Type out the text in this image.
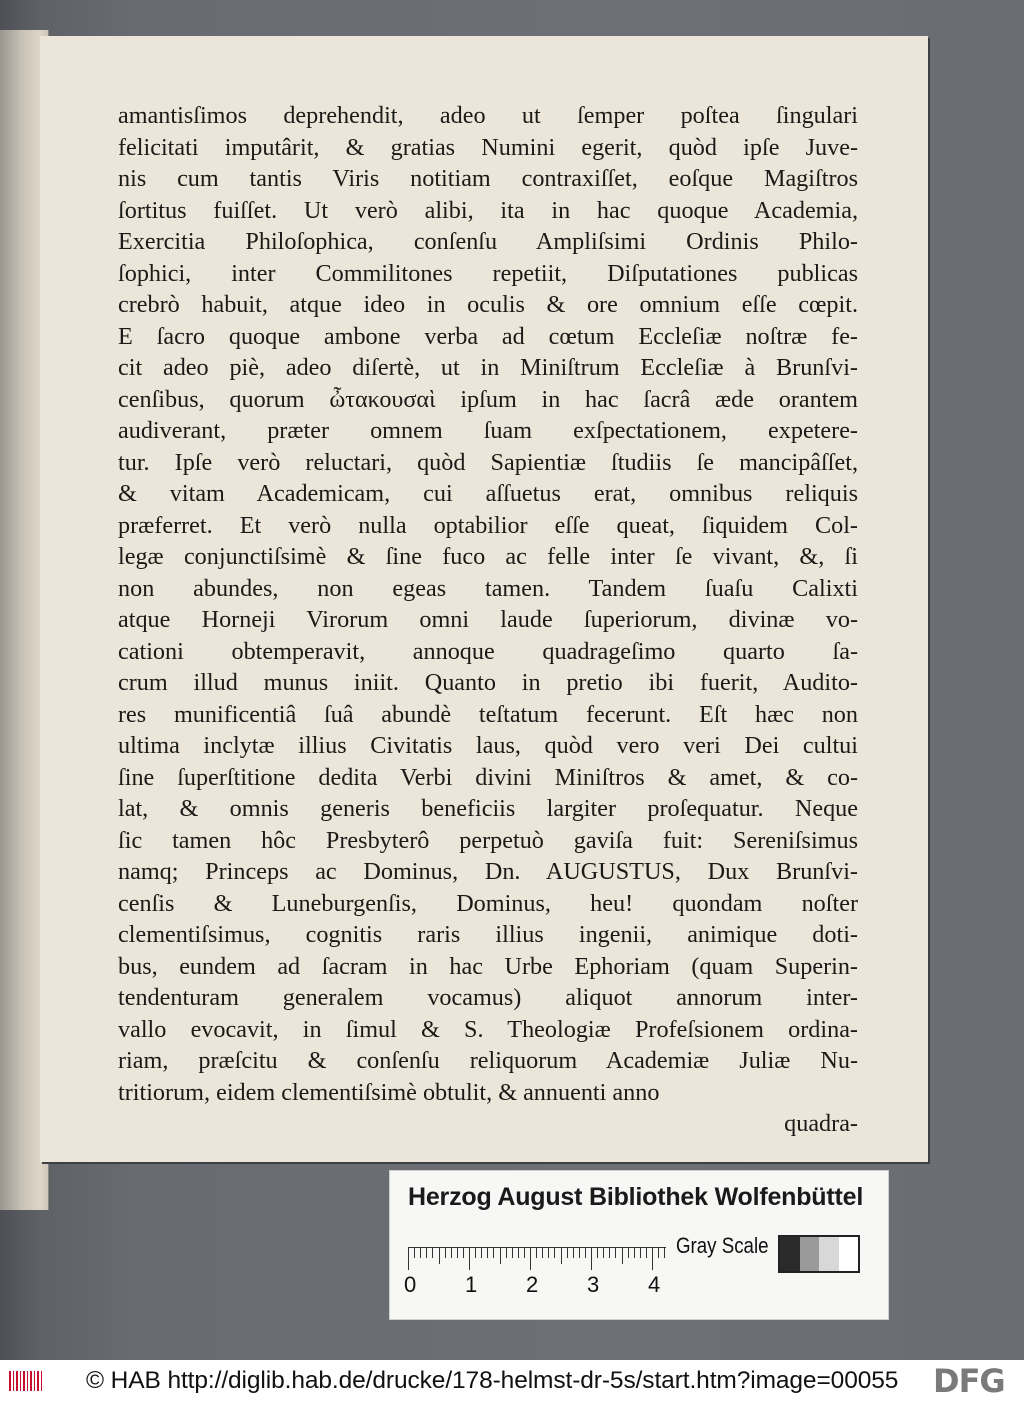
amantisſimos deprehendit, adeo ut ſemper poſtea ſingulari
felicitati imputârit, & gratias Numini egerit, quòd ipſe Juve-
nis cum tantis Viris notitiam contraxiſſet, eoſque Magiſtros
ſortitus fuiſſet. Ut verò alibi, ita in hac quoque Academia,
Exercitia Philoſophica, conſenſu Ampliſsimi Ordinis Philo-
ſophici, inter Commilitones repetiit, Diſputationes publicas
crebrò habuit, atque ideo in oculis & ore omnium eſſe cœpit.
E ſacro quoque ambone verba ad cœtum Eccleſiæ noſtræ fe-
cit adeo piè, adeo diſertè, ut in Miniſtrum Eccleſiæ à Brunſvi-
cenſibus, quorum ὦτακουσαὶ ipſum in hac ſacrâ æde orantem
audiverant, præter omnem ſuam exſpectationem, expetere-
tur. Ipſe verò reluctari, quòd Sapientiæ ſtudiis ſe mancipâſſet,
& vitam Academicam, cui aſſuetus erat, omnibus reliquis
præferret. Et verò nulla optabilior eſſe queat, ſiquidem Col-
legæ conjunctiſsimè & ſine fuco ac felle inter ſe vivant, &, ſi
non abundes, non egeas tamen. Tandem ſuaſu Calixti
atque Horneji Virorum omni laude ſuperiorum, divinæ vo-
cationi obtemperavit, annoque quadrageſimo quarto ſa-
crum illud munus iniit. Quanto in pretio ibi fuerit, Audito-
res munificentiâ ſuâ abundè teſtatum fecerunt. Eſt hæc non
ultima inclytæ illius Civitatis laus, quòd vero veri Dei cultui
ſine ſuperſtitione dedita Verbi divini Miniſtros & amet, & co-
lat, & omnis generis beneficiis largiter proſequatur. Neque
ſic tamen hôc Presbyterô perpetuò gaviſa fuit: Sereniſsimus
namq; Princeps ac Dominus, Dn. AUGUSTUS, Dux Brunſvi-
cenſis & Luneburgenſis, Dominus, heu! quondam noſter
clementiſsimus, cognitis raris illius ingenii, animique doti-
bus, eundem ad ſacram in hac Urbe Ephoriam (quam Superin-
tendenturam generalem vocamus) aliquot annorum inter-
vallo evocavit, in ſimul & S. Theologiæ Profeſsionem ordina-
riam, præſcitu & conſenſu reliquorum Academiæ Juliæ Nu-
tritiorum, eidem clementiſsimè obtulit, & annuenti anno
quadra-
Herzog August Bibliothek Wolfenbüttel
0 1 2 3 4
Gray Scale
© HAB http://diglib.hab.de/drucke/178-helmst-dr-5s/start.htm?image=00055 DFG
